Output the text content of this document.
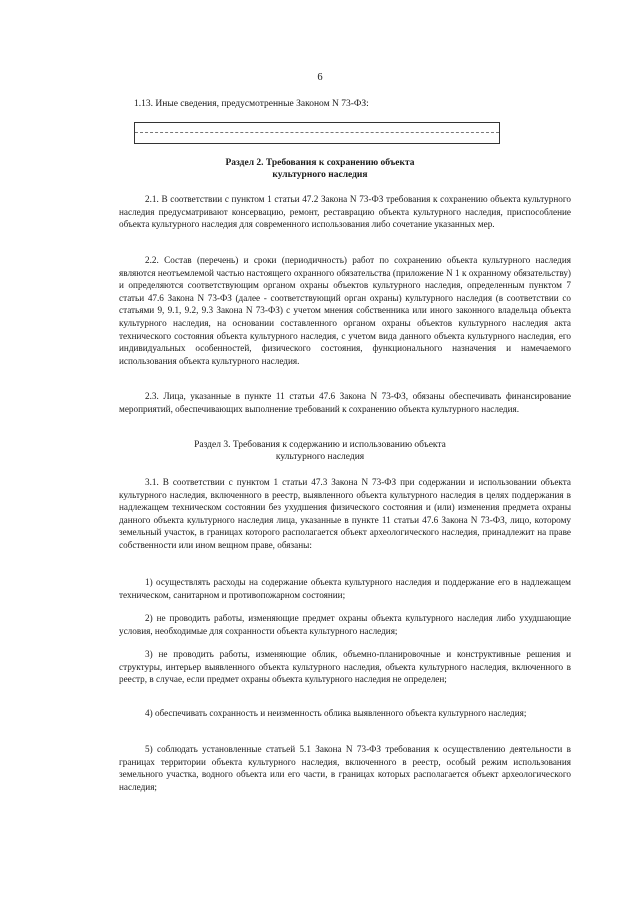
6
1.13. Иные сведения, предусмотренные Законом N 73-ФЗ:
Раздел 2. Требования к сохранению объекта
культурного наследия

2.1. В соответствии с пунктом 1 статьи 47.2 Закона N 73-ФЗ требования к сохранению объекта культурного наследия предусматривают консервацию, ремонт, реставрацию объекта культурного наследия, приспособление объекта культурного наследия для современного использования либо сочетание указанных мер.

2.2. Состав (перечень) и сроки (периодичность) работ по сохранению объекта культурного наследия являются неотъемлемой частью настоящего охранного обязательства (приложение N 1 к охранному обязательству) и определяются соответствующим органом охраны объектов культурного наследия, определенным пунктом 7 статьи 47.6 Закона N 73-ФЗ (далее - соответствующий орган охраны) культурного наследия (в соответствии со статьями 9, 9.1, 9.2, 9.3 Закона N 73-ФЗ) с учетом мнения собственника или иного законного владельца объекта культурного наследия, на основании составленного органом охраны объектов культурного наследия акта технического состояния объекта культурного наследия, с учетом вида данного объекта культурного наследия, его индивидуальных особенностей, физического состояния, функционального назначения и намечаемого использования объекта культурного наследия.

2.3. Лица, указанные в пункте 11 статьи 47.6 Закона N 73-ФЗ, обязаны обеспечивать финансирование мероприятий, обеспечивающих выполнение требований к сохранению объекта культурного наследия.

Раздел 3. Требования к содержанию и использованию объекта
культурного наследия

3.1. В соответствии с пунктом 1 статьи 47.3 Закона N 73-ФЗ при содержании и использовании объекта культурного наследия, включенного в реестр, выявленного объекта культурного наследия в целях поддержания в надлежащем техническом состоянии без ухудшения физического состояния и (или) изменения предмета охраны данного объекта культурного наследия лица, указанные в пункте 11 статьи 47.6 Закона N 73-ФЗ, лицо, которому земельный участок, в границах которого располагается объект археологического наследия, принадлежит на праве собственности или ином вещном праве, обязаны:

1) осуществлять расходы на содержание объекта культурного наследия и поддержание его в надлежащем техническом, санитарном и противопожарном состоянии;

2) не проводить работы, изменяющие предмет охраны объекта культурного наследия либо ухудшающие условия, необходимые для сохранности объекта культурного наследия;

3) не проводить работы, изменяющие облик, объемно-планировочные и конструктивные решения и структуры, интерьер выявленного объекта культурного наследия, объекта культурного наследия, включенного в реестр, в случае, если предмет охраны объекта культурного наследия не определен;

4) обеспечивать сохранность и неизменность облика выявленного объекта культурного наследия;

5) соблюдать установленные статьей 5.1 Закона N 73-ФЗ требования к осуществлению деятельности в границах территории объекта культурного наследия, включенного в реестр, особый режим использования земельного участка, водного объекта или его части, в границах которых располагается объект археологического наследия;
